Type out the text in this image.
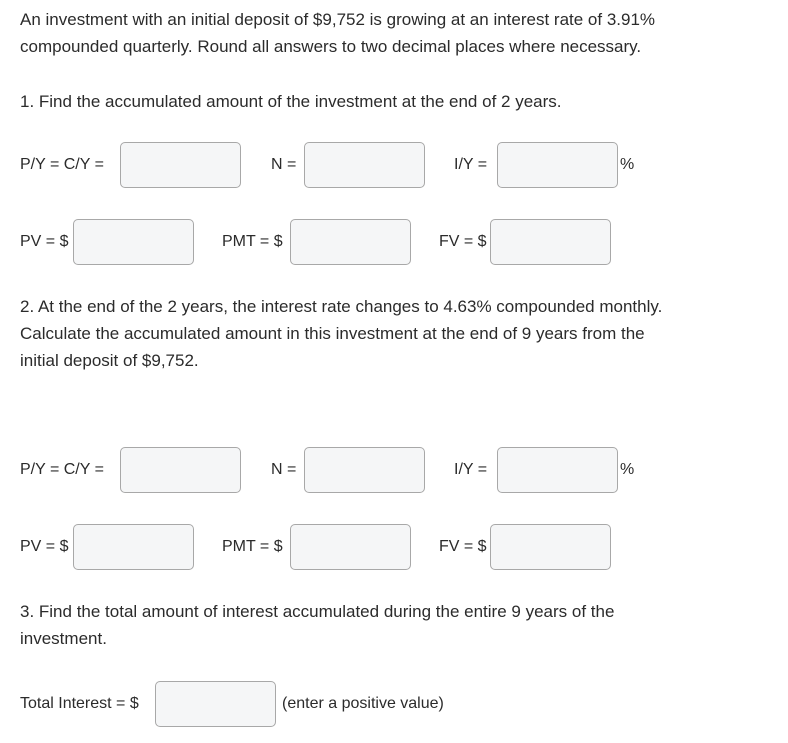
An investment with an initial deposit of $9,752 is growing at an interest rate of 3.91%
compounded quarterly. Round all answers to two decimal places where necessary.
1. Find the accumulated amount of the investment at the end of 2 years.
P/Y = C/Y =	N =	I/Y =	%
PV = $	PMT = $	FV = $
2. At the end of the 2 years, the interest rate changes to 4.63% compounded monthly.
Calculate the accumulated amount in this investment at the end of 9 years from the
initial deposit of $9,752.
P/Y = C/Y =	N =	I/Y =	%
PV = $	PMT = $	FV = $
3. Find the total amount of interest accumulated during the entire 9 years of the
investment.
Total Interest = $	(enter a positive value)
